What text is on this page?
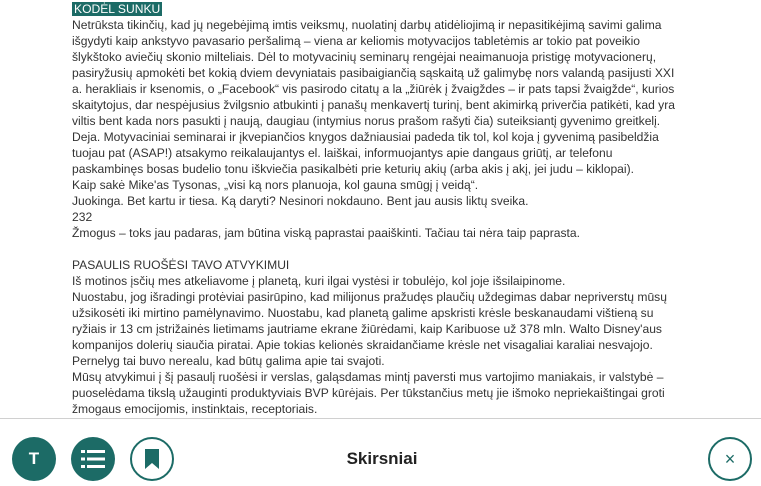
KODĖL SUNKU

Netrūksta tikinčių, kad jų negebėjimą imtis veiksmų, nuolatinį darbų atidėliojimą ir nepasitikėjimą savimi galima išgydyti kaip ankstyvo pavasario peršalimą – viena ar keliomis motyvacijos tabletėmis ar tokio pat poveikio šlykštoko aviečių skonio milteliais. Dėl to motyvacinių seminarų rengėjai neaimanuoja pristigę motyvacionerų, pasiryžusių apmokėti bet kokią dviem devyniatais pasibaigiančią sąskaitą už galimybę nors valandą pasijusti XXI a. herakliais ir ksenomis, o „Facebook“ vis pasirodo citatų a la „žiūrėk į žvaigždes – ir pats tapsi žvaigžde“, kurios skaitytojus, dar nespėjusius žvilgsnio atbukinti į panašų menkavertį turinį, bent akimirką priverčia patikėti, kad yra viltis bent kada nors pasukti į naują, daugiau (intymius norus prašom rašyti čia) suteiksiantį gyvenimo greitkelį.

Deja. Motyvaciniai seminarai ir įkvepiančios knygos dažniausiai padeda tik tol, kol koja į gyvenimą pasibeldžia tuojau pat (ASAP!) atsakymo reikalaujantys el. laiškai, informuojantys apie dangaus griūtį, ar telefonu paskambinęs bosas budelio tonu iškviečia pasikalbėti prie keturių akių (arba akis į akį, jei judu – kiklopai).

Kaip sakė Mike'as Tysonas, „visi ką nors planuoja, kol gauna smūgį į veidą“.

Juokinga. Bet kartu ir tiesa. Ką daryti? Nesinori nokdauno. Bent jau ausis liktų sveika.

232

Žmogus – toks jau padaras, jam būtina viską paprastai paaiškinti. Tačiau tai nėra taip paprasta.

PASAULIS RUOŠĖSI TAVO ATVYKIMUI

Iš motinos įsčių mes atkeliavome į planetą, kuri ilgai vystėsi ir tobulėjo, kol joje išsilaipinome.

Nuostabu, jog išradingi protėviai pasirūpino, kad milijonus pražudęs plaučių uždegimas dabar nepriverstų mūsų užsikosėti iki mirtino pamėlynavimo. Nuostabu, kad planetą galime apskristi krėsle beskanaudami vištieną su ryžiais ir 13 cm įstrižainės lietimams jautriame ekrane žiūrėdami, kaip Karibuose už 378 mln. Walto Disney'aus kompanijos dolerių siaučia piratai. Apie tokias kelionės skraidančiame krėsle net visagaliai karaliai nesvajojo. Pernelyg tai buvo nerealu, kad būtų galima apie tai svajoti.

Mūsų atvykimui į šį pasaulį ruošėsi ir verslas, galąsdamas mintį paversti mus vartojimo maniakais, ir valstybė – puoselėdama tikslą užauginti produktyviais BVP kūrėjais. Per tūkstančius metų jie išmoko nepriekaištingai groti žmogaus emocijomis, instinktais, receptoriais.

T	Skirsniai	×
